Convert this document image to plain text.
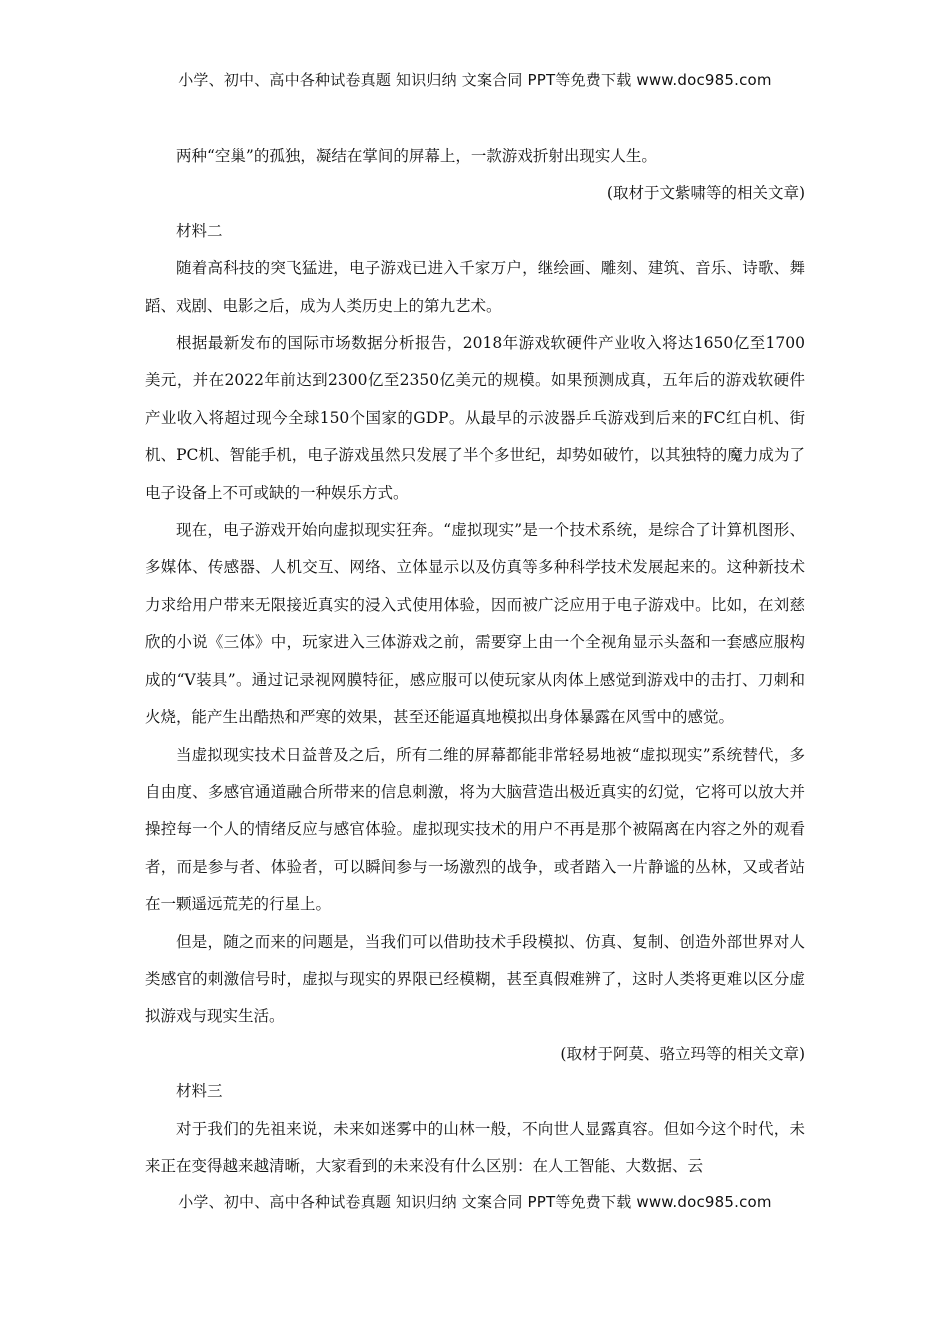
小学、初中、高中各种试卷真题 知识归纳 文案合同 PPT等免费下载 www.doc985.com

两种“空巢”的孤独，凝结在掌间的屏幕上，一款游戏折射出现实人生。

(取材于文紫啸等的相关文章)

材料二

随着高科技的突飞猛进，电子游戏已进入千家万户，继绘画、雕刻、建筑、音乐、诗歌、舞蹈、戏剧、电影之后，成为人类历史上的第九艺术。

根据最新发布的国际市场数据分析报告，2018年游戏软硬件产业收入将达1650亿至1700美元，并在2022年前达到2300亿至2350亿美元的规模。如果预测成真，五年后的游戏软硬件产业收入将超过现今全球150个国家的GDP。从最早的示波器乒乓游戏到后来的FC红白机、街机、PC机、智能手机，电子游戏虽然只发展了半个多世纪，却势如破竹，以其独特的魔力成为了电子设备上不可或缺的一种娱乐方式。

现在，电子游戏开始向虚拟现实狂奔。“虚拟现实”是一个技术系统，是综合了计算机图形、多媒体、传感器、人机交互、网络、立体显示以及仿真等多种科学技术发展起来的。这种新技术力求给用户带来无限接近真实的浸入式使用体验，因而被广泛应用于电子游戏中。比如，在刘慈欣的小说《三体》中，玩家进入三体游戏之前，需要穿上由一个全视角显示头盔和一套感应服构成的“V装具”。通过记录视网膜特征，感应服可以使玩家从肉体上感觉到游戏中的击打、刀刺和火烧，能产生出酷热和严寒的效果，甚至还能逼真地模拟出身体暴露在风雪中的感觉。

当虚拟现实技术日益普及之后，所有二维的屏幕都能非常轻易地被“虚拟现实”系统替代，多自由度、多感官通道融合所带来的信息刺激，将为大脑营造出极近真实的幻觉，它将可以放大并操控每一个人的情绪反应与感官体验。虚拟现实技术的用户不再是那个被隔离在内容之外的观看者，而是参与者、体验者，可以瞬间参与一场激烈的战争，或者踏入一片静谧的丛林，又或者站在一颗遥远荒芜的行星上。

但是，随之而来的问题是，当我们可以借助技术手段模拟、仿真、复制、创造外部世界对人类感官的刺激信号时，虚拟与现实的界限已经模糊，甚至真假难辨了，这时人类将更难以区分虚拟游戏与现实生活。

(取材于阿莫、骆立玛等的相关文章)

材料三

对于我们的先祖来说，未来如迷雾中的山林一般，不向世人显露真容。但如今这个时代，未来正在变得越来越清晰，大家看到的未来没有什么区别：在人工智能、大数据、云

小学、初中、高中各种试卷真题 知识归纳 文案合同 PPT等免费下载 www.doc985.com
